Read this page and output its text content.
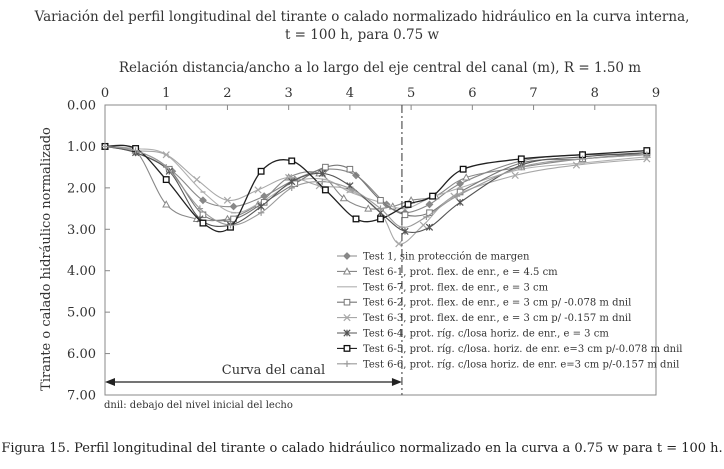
Variación del perfil longitudinal del tirante o calado normalizado hidráulico en la curva interna,
t = 100 h, para 0.75 w
Relación distancia/ancho a lo largo del eje central del canal (m), R = 1.50 m
Tirante o calado hidráulico normalizado
0	1	2	3	4	5	6	7	8	9
0.00
1.00
2.00
3.00
4.00
5.00
6.00
7.00
Curva del canal
Test 1, sin protección de margen
Test 6-1, prot. flex. de enr., e = 4.5 cm
Test 6-7, prot. flex. de enr., e = 3 cm
Test 6-2, prot. flex. de enr., e = 3 cm p/ -0.078 m dnil
Test 6-3, prot. flex. de enr., e = 3 cm p/ -0.157 m dnil
Test 6-4, prot. ríg. c/losa horiz. de enr., e = 3 cm
Test 6-5, prot. ríg. c/losa. horiz. de enr. e=3 cm p/-0.078 m dnil
Test 6-6, prot. ríg. c/losa horiz. de enr. e=3 cm p/-0.157 m dnil
dnil: debajo del nivel inicial del lecho
Figura 15. Perfil longitudinal del tirante o calado hidráulico normalizado en la curva a 0.75 w para t = 100 h.
